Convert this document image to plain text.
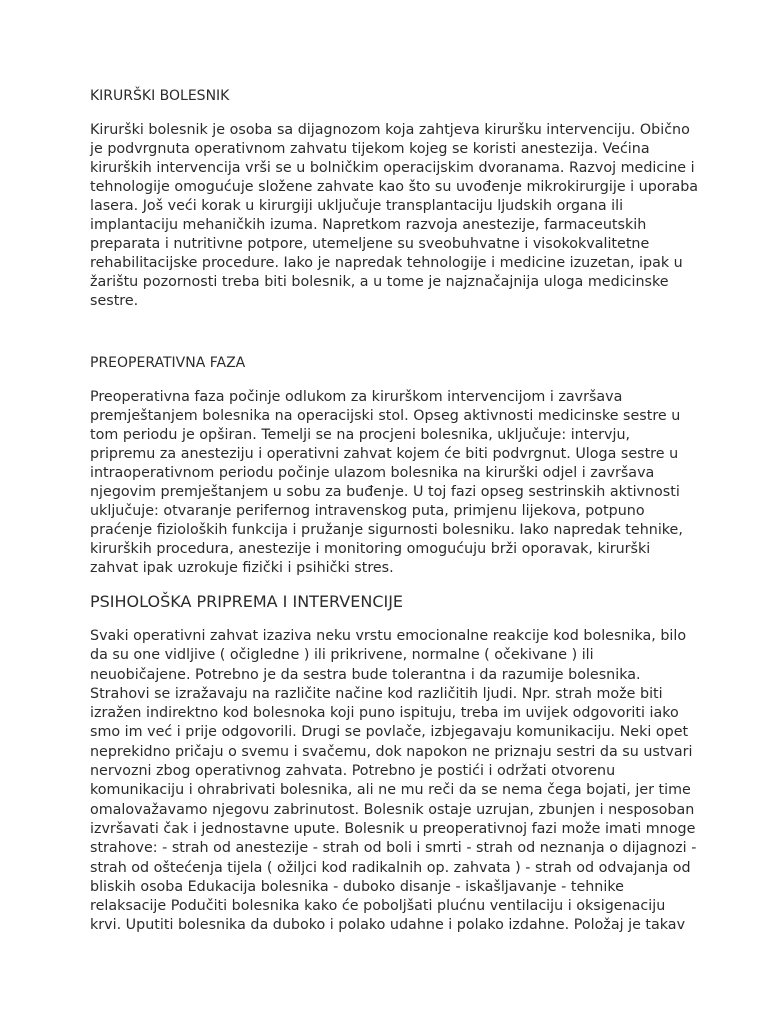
KIRURŠKI BOLESNIK
Kirurški bolesnik je osoba sa dijagnozom koja zahtjeva kiruršku intervenciju. Obično
je podvrgnuta operativnom zahvatu tijekom kojeg se koristi anestezija. Većina
kirurških intervencija vrši se u bolničkim operacijskim dvoranama. Razvoj medicine i
tehnologije omogućuje složene zahvate kao što su uvođenje mikrokirurgije i uporaba
lasera. Još veći korak u kirurgiji uključuje transplantaciju ljudskih organa ili
implantaciju mehaničkih izuma. Napretkom razvoja anestezije, farmaceutskih
preparata i nutritivne potpore, utemeljene su sveobuhvatne i visokokvalitetne
rehabilitacijske procedure. Iako je napredak tehnologije i medicine izuzetan, ipak u
žarištu pozornosti treba biti bolesnik, a u tome je najznačajnija uloga medicinske
sestre.
PREOPERATIVNA FAZA
Preoperativna faza počinje odlukom za kirurškom intervencijom i završava
premještanjem bolesnika na operacijski stol. Opseg aktivnosti medicinske sestre u
tom periodu je opširan. Temelji se na procjeni bolesnika, uključuje: intervju,
pripremu za anesteziju i operativni zahvat kojem će biti podvrgnut. Uloga sestre u
intraoperativnom periodu počinje ulazom bolesnika na kirurški odjel i završava
njegovim premještanjem u sobu za buđenje. U toj fazi opseg sestrinskih aktivnosti
uključuje: otvaranje perifernog intravenskog puta, primjenu lijekova, potpuno
praćenje fizioloških funkcija i pružanje sigurnosti bolesniku. Iako napredak tehnike,
kirurških procedura, anestezije i monitoring omogućuju brži oporavak, kirurški
zahvat ipak uzrokuje fizički i psihički stres.
PSIHOLOŠKA PRIPREMA I INTERVENCIJE
Svaki operativni zahvat izaziva neku vrstu emocionalne reakcije kod bolesnika, bilo
da su one vidljive ( očigledne ) ili prikrivene, normalne ( očekivane ) ili
neuobičajene. Potrebno je da sestra bude tolerantna i da razumije bolesnika.
Strahovi se izražavaju na različite načine kod različitih ljudi. Npr. strah može biti
izražen indirektno kod bolesnoka koji puno ispituju, treba im uvijek odgovoriti iako
smo im već i prije odgovorili. Drugi se povlače, izbjegavaju komunikaciju. Neki opet
neprekidno pričaju o svemu i svačemu, dok napokon ne priznaju sestri da su ustvari
nervozni zbog operativnog zahvata. Potrebno je postići i održati otvorenu
komunikaciju i ohrabrivati bolesnika, ali ne mu reči da se nema čega bojati, jer time
omalovažavamo njegovu zabrinutost. Bolesnik ostaje uzrujan, zbunjen i nesposoban
izvršavati čak i jednostavne upute. Bolesnik u preoperativnoj fazi može imati mnoge
strahove: - strah od anestezije - strah od boli i smrti - strah od neznanja o dijagnozi -
strah od oštećenja tijela ( ožiljci kod radikalnih op. zahvata ) - strah od odvajanja od
bliskih osoba Edukacija bolesnika - duboko disanje - iskašljavanje - tehnike
relaksacije Podučiti bolesnika kako će poboljšati plućnu ventilaciju i oksigenaciju
krvi. Uputiti bolesnika da duboko i polako udahne i polako izdahne. Položaj je takav
